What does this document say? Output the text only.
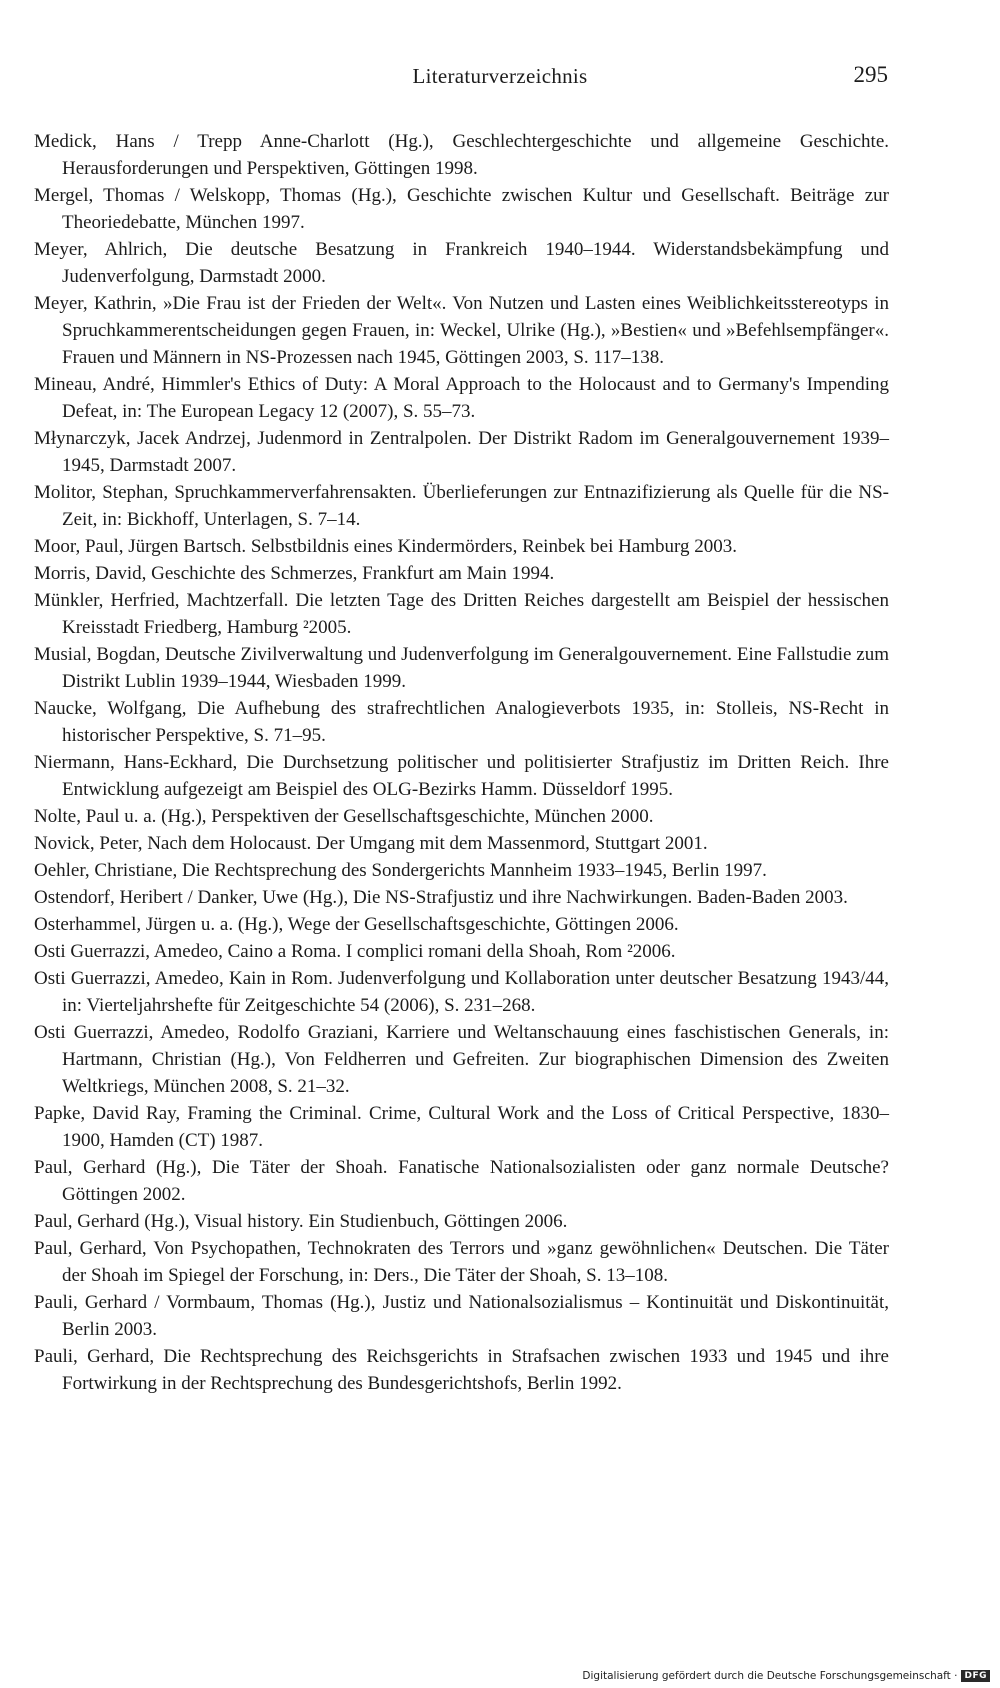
Literaturverzeichnis	295

Medick, Hans / Trepp Anne-Charlott (Hg.), Geschlechtergeschichte und allgemeine Geschichte. Herausforderungen und Perspektiven, Göttingen 1998.

Mergel, Thomas / Welskopp, Thomas (Hg.), Geschichte zwischen Kultur und Gesellschaft. Beiträge zur Theoriedebatte, München 1997.

Meyer, Ahlrich, Die deutsche Besatzung in Frankreich 1940–1944. Widerstandsbekämpfung und Judenverfolgung, Darmstadt 2000.

Meyer, Kathrin, »Die Frau ist der Frieden der Welt«. Von Nutzen und Lasten eines Weiblichkeitsstereotyps in Spruchkammerentscheidungen gegen Frauen, in: Weckel, Ulrike (Hg.), »Bestien« und »Befehlsempfänger«. Frauen und Männern in NS-Prozessen nach 1945, Göttingen 2003, S. 117–138.

Mineau, André, Himmler's Ethics of Duty: A Moral Approach to the Holocaust and to Germany's Impending Defeat, in: The European Legacy 12 (2007), S. 55–73.

Młynarczyk, Jacek Andrzej, Judenmord in Zentralpolen. Der Distrikt Radom im Generalgouvernement 1939–1945, Darmstadt 2007.

Molitor, Stephan, Spruchkammerverfahrensakten. Überlieferungen zur Entnazifizierung als Quelle für die NS-Zeit, in: Bickhoff, Unterlagen, S. 7–14.

Moor, Paul, Jürgen Bartsch. Selbstbildnis eines Kindermörders, Reinbek bei Hamburg 2003.

Morris, David, Geschichte des Schmerzes, Frankfurt am Main 1994.

Münkler, Herfried, Machtzerfall. Die letzten Tage des Dritten Reiches dargestellt am Beispiel der hessischen Kreisstadt Friedberg, Hamburg ²2005.

Musial, Bogdan, Deutsche Zivilverwaltung und Judenverfolgung im Generalgouvernement. Eine Fallstudie zum Distrikt Lublin 1939–1944, Wiesbaden 1999.

Naucke, Wolfgang, Die Aufhebung des strafrechtlichen Analogieverbots 1935, in: Stolleis, NS-Recht in historischer Perspektive, S. 71–95.

Niermann, Hans-Eckhard, Die Durchsetzung politischer und politisierter Strafjustiz im Dritten Reich. Ihre Entwicklung aufgezeigt am Beispiel des OLG-Bezirks Hamm. Düsseldorf 1995.

Nolte, Paul u. a. (Hg.), Perspektiven der Gesellschaftsgeschichte, München 2000.

Novick, Peter, Nach dem Holocaust. Der Umgang mit dem Massenmord, Stuttgart 2001.

Oehler, Christiane, Die Rechtsprechung des Sondergerichts Mannheim 1933–1945, Berlin 1997.

Ostendorf, Heribert / Danker, Uwe (Hg.), Die NS-Strafjustiz und ihre Nachwirkungen. Baden-Baden 2003.

Osterhammel, Jürgen u. a. (Hg.), Wege der Gesellschaftsgeschichte, Göttingen 2006.

Osti Guerrazzi, Amedeo, Caino a Roma. I complici romani della Shoah, Rom ²2006.

Osti Guerrazzi, Amedeo, Kain in Rom. Judenverfolgung und Kollaboration unter deutscher Besatzung 1943/44, in: Vierteljahrshefte für Zeitgeschichte 54 (2006), S. 231–268.

Osti Guerrazzi, Amedeo, Rodolfo Graziani, Karriere und Weltanschauung eines faschistischen Generals, in: Hartmann, Christian (Hg.), Von Feldherren und Gefreiten. Zur biographischen Dimension des Zweiten Weltkriegs, München 2008, S. 21–32.

Papke, David Ray, Framing the Criminal. Crime, Cultural Work and the Loss of Critical Perspective, 1830–1900, Hamden (CT) 1987.

Paul, Gerhard (Hg.), Die Täter der Shoah. Fanatische Nationalsozialisten oder ganz normale Deutsche? Göttingen 2002.

Paul, Gerhard (Hg.), Visual history. Ein Studienbuch, Göttingen 2006.

Paul, Gerhard, Von Psychopathen, Technokraten des Terrors und »ganz gewöhnlichen« Deutschen. Die Täter der Shoah im Spiegel der Forschung, in: Ders., Die Täter der Shoah, S. 13–108.

Pauli, Gerhard / Vormbaum, Thomas (Hg.), Justiz und Nationalsozialismus – Kontinuität und Diskontinuität, Berlin 2003.

Pauli, Gerhard, Die Rechtsprechung des Reichsgerichts in Strafsachen zwischen 1933 und 1945 und ihre Fortwirkung in der Rechtsprechung des Bundesgerichtshofs, Berlin 1992.

Digitalisierung gefördert durch die Deutsche Forschungsgemeinschaft · DFG
